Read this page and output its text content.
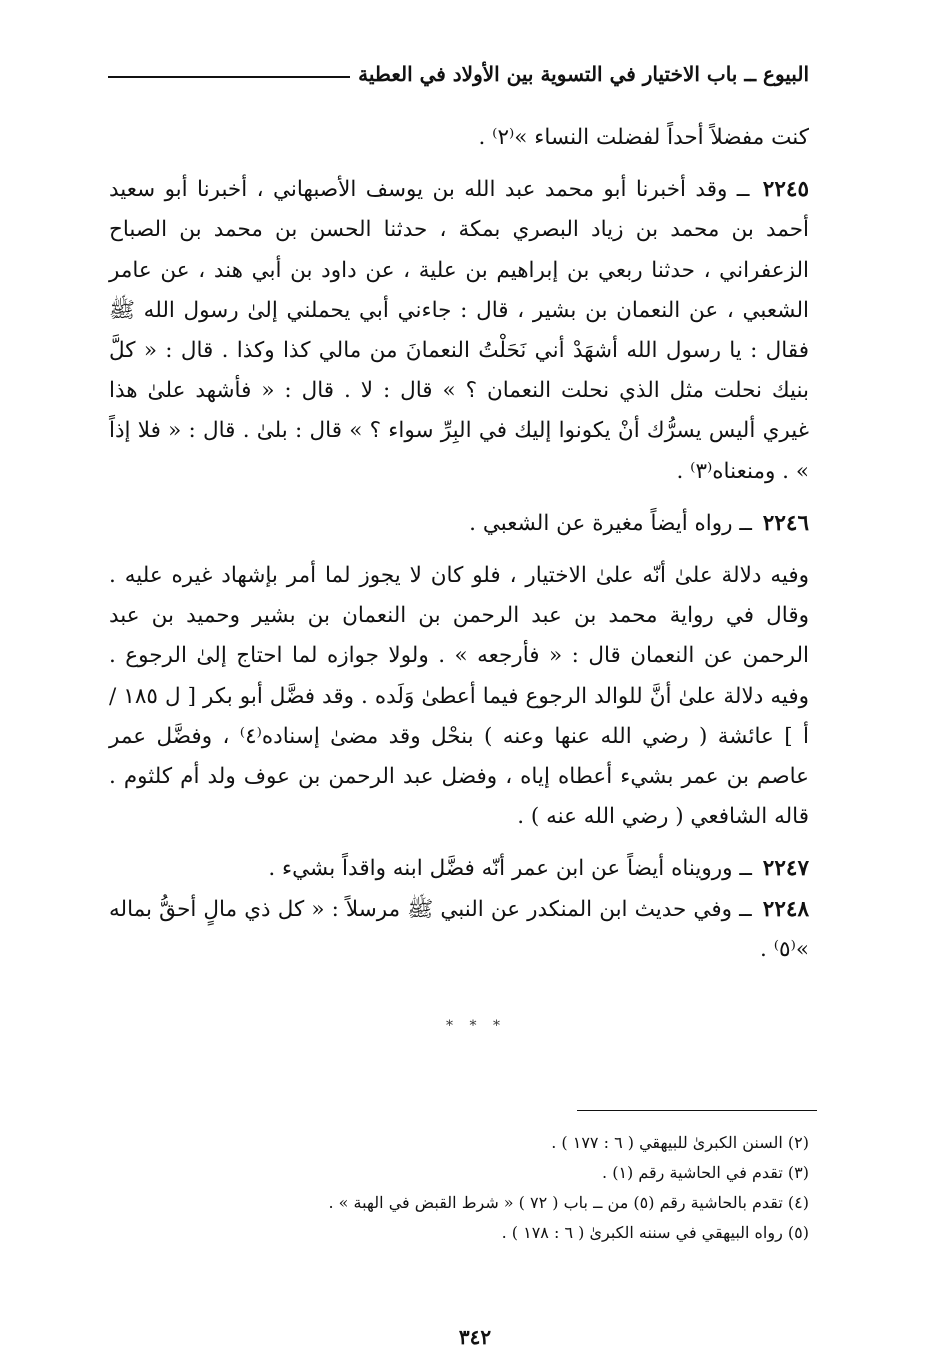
البيوع ــ باب الاختيار في التسوية بين الأولاد في العطية

كنت مفضلاً أحداً لفضلت النساء »⁽٢⁾ .

٢٢٤٥ ــ وقد أخبرنا أبو محمد عبد الله بن يوسف الأصبهاني ، أخبرنا أبو سعيد أحمد بن محمد بن زياد البصري بمكة ، حدثنا الحسن بن محمد بن الصباح الزعفراني ، حدثنا ربعي بن إبراهيم بن علية ، عن داود بن أبي هند ، عن عامر الشعبي ، عن النعمان بن بشير ، قال : جاءني أبي يحملني إلىٰ رسول الله ﷺ فقال : يا رسول الله أشهَدْ أني نَحَلْتُ النعمانَ من مالي كذا وكذا . قال : « كلَّ بنيك نحلت مثل الذي نحلت النعمان ؟ » قال : لا . قال : « فأشهد علىٰ هذا غيري أليس يسرُّك أنْ يكونوا إليك في البِرِّ سواء ؟ » قال : بلىٰ . قال : « فلا إذاً » . ومنعناه⁽٣⁾ .

٢٢٤٦ ــ رواه أيضاً مغيرة عن الشعبي .

وفيه دلالة علىٰ أنّه علىٰ الاختيار ، فلو كان لا يجوز لما أمر بإشهاد غيره عليه . وقال في رواية محمد بن عبد الرحمن بن النعمان بن بشير وحميد بن عبد الرحمن عن النعمان قال : « فأرجعه » . ولولا جوازه لما احتاج إلىٰ الرجوع . وفيه دلالة علىٰ أنَّ للوالد الرجوع فيما أعطىٰ وَلَده . وقد فضَّل أبو بكر [ ل ١٨٥ / أ ] عائشة ( رضي الله عنها وعنه ) بنحْل وقد مضىٰ إسناده⁽٤⁾ ، وفضَّل عمر عاصم بن عمر بشيء أعطاه إياه ، وفضل عبد الرحمن بن عوف ولد أم كلثوم . قاله الشافعي ( رضي الله عنه ) .

٢٢٤٧ ــ ورويناه أيضاً عن ابن عمر أنّه فضَّل ابنه واقداً بشيء .

٢٢٤٨ ــ وفي حديث ابن المنكدر عن النبي ﷺ مرسلاً : « كل ذي مالٍ أحقُّ بماله »⁽٥⁾ .

* * *

(٢) السنن الكبرىٰ للبيهقي ( ٦ : ١٧٧ ) .

(٣) تقدم في الحاشية رقم (١) .

(٤) تقدم بالحاشية رقم (٥) من ــ باب ( ٧٢ ) « شرط القبض في الهبة » .

(٥) رواه البيهقي في سننه الكبرىٰ ( ٦ : ١٧٨ ) .

٣٤٢
